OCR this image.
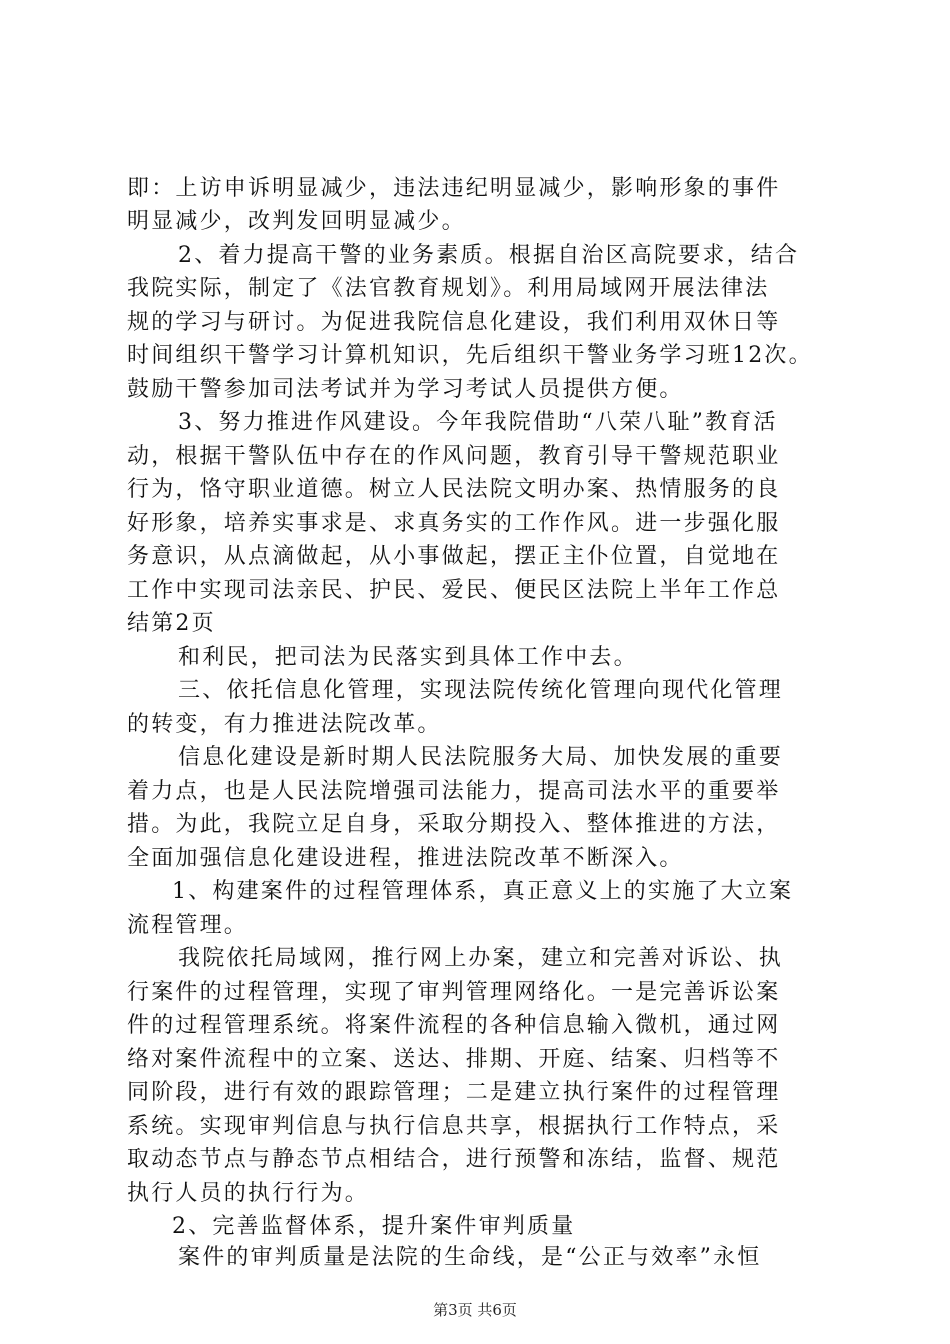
即：上访申诉明显减少，违法违纪明显减少，影响形象的事件
明显减少，改判发回明显减少。
2、着力提高干警的业务素质。根据自治区高院要求，结合
我院实际，制定了《法官教育规划》。利用局域网开展法律法
规的学习与研讨。为促进我院信息化建设，我们利用双休日等
时间组织干警学习计算机知识，先后组织干警业务学习班12次。
鼓励干警参加司法考试并为学习考试人员提供方便。
3、努力推进作风建设。今年我院借助“八荣八耻”教育活
动，根据干警队伍中存在的作风问题，教育引导干警规范职业
行为，恪守职业道德。树立人民法院文明办案、热情服务的良
好形象，培养实事求是、求真务实的工作作风。进一步强化服
务意识，从点滴做起，从小事做起，摆正主仆位置，自觉地在
工作中实现司法亲民、护民、爱民、便民区法院上半年工作总
结第2页
和利民，把司法为民落实到具体工作中去。
三、依托信息化管理，实现法院传统化管理向现代化管理
的转变，有力推进法院改革。
信息化建设是新时期人民法院服务大局、加快发展的重要
着力点，也是人民法院增强司法能力，提高司法水平的重要举
措。为此，我院立足自身，采取分期投入、整体推进的方法，
全面加强信息化建设进程，推进法院改革不断深入。
1、构建案件的过程管理体系，真正意义上的实施了大立案
流程管理。
我院依托局域网，推行网上办案，建立和完善对诉讼、执
行案件的过程管理，实现了审判管理网络化。一是完善诉讼案
件的过程管理系统。将案件流程的各种信息输入微机，通过网
络对案件流程中的立案、送达、排期、开庭、结案、归档等不
同阶段，进行有效的跟踪管理；二是建立执行案件的过程管理
系统。实现审判信息与执行信息共享，根据执行工作特点，采
取动态节点与静态节点相结合，进行预警和冻结，监督、规范
执行人员的执行行为。
2、完善监督体系，提升案件审判质量
案件的审判质量是法院的生命线，是“公正与效率”永恒
第3页 共6页
